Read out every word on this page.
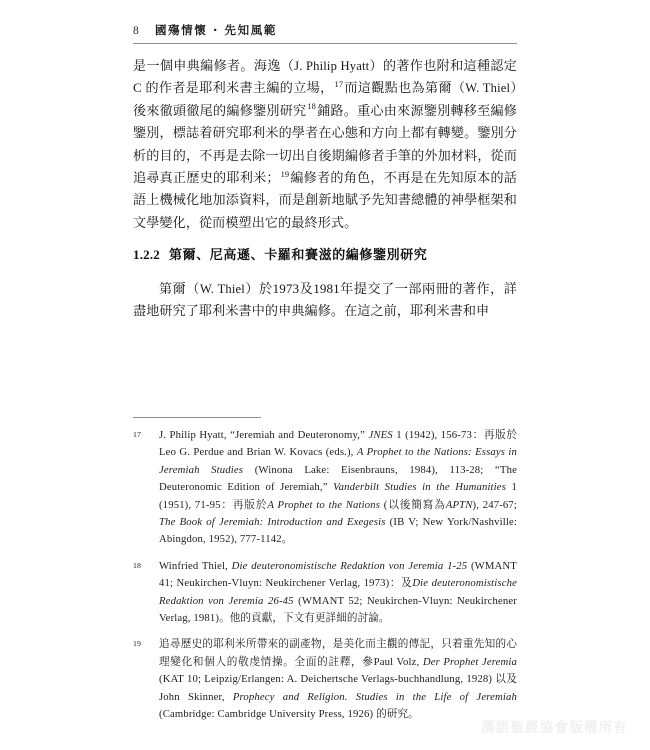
8 國殤情懷 · 先知風範

是一個申典編修者。海逸（J. Philip Hyatt）的著作也附和這種認定 C 的作者是耶利米書主編的立場，$^{17}$而這觀點也為第爾（W. Thiel）後來徹頭徹尾的編修鑒別研究$^{18}$鋪路。重心由來源鑒別轉移至編修鑒別，標誌着研究耶利米的學者在心態和方向上都有轉變。鑒別分析的目的，不再是去除一切出自後期編修者手筆的外加材料，從而追尋真正歷史的耶利米；$^{19}$編修者的角色，不再是在先知原本的話語上機械化地加添資料，而是創新地賦予先知書總體的神學框架和文學變化，從而模塑出它的最終形式。

1.2.2 第爾、尼高遜、卡羅和賽滋的編修鑒別研究

第爾（W. Thiel）於1973及1981年提交了一部兩冊的著作，詳盡地研究了耶利米書中的申典編修。在這之前，耶利米書和申

17 J. Philip Hyatt, “Jeremiah and Deuteronomy,” JNES 1 (1942), 156-73：再版於Leo G. Perdue and Brian W. Kovacs (eds.), A Prophet to the Nations: Essays in Jeremiah Studies (Winona Lake: Eisenbrauns, 1984), 113-28; “The Deuteronomic Edition of Jeremiah,” Vanderbilt Studies in the Humanities 1 (1951), 71-95：再版於A Prophet to the Nations (以後簡寫為APTN), 247-67; The Book of Jeremiah: Introduction and Exegesis (IB V; New York/Nashville: Abingdon, 1952), 777-1142。
18 Winfried Thiel, Die deuteronomistische Redaktion von Jeremia 1-25 (WMANT 41; Neukirchen-Vluyn: Neukirchener Verlag, 1973)：及Die deuteronomistische Redaktion von Jeremia 26-45 (WMANT 52; Neukirchen-Vluyn: Neukirchener Verlag, 1981)。他的貢獻，下文有更詳細的討論。
19 追尋歷史的耶利米所帶來的副產物，是美化而主觀的傳記，只着重先知的心理變化和個人的敬虔情操。全面的註釋，參Paul Volz, Der Prophet Jeremia (KAT 10; Leipzig/Erlangen: A. Deichertsche Verlags-buchhandlung, 1928) 以及John Skinner, Prophecy and Religion. Studies in the Life of Jeremiah (Cambridge: Cambridge University Press, 1926) 的研究。
漢語聖經協會版權所有
